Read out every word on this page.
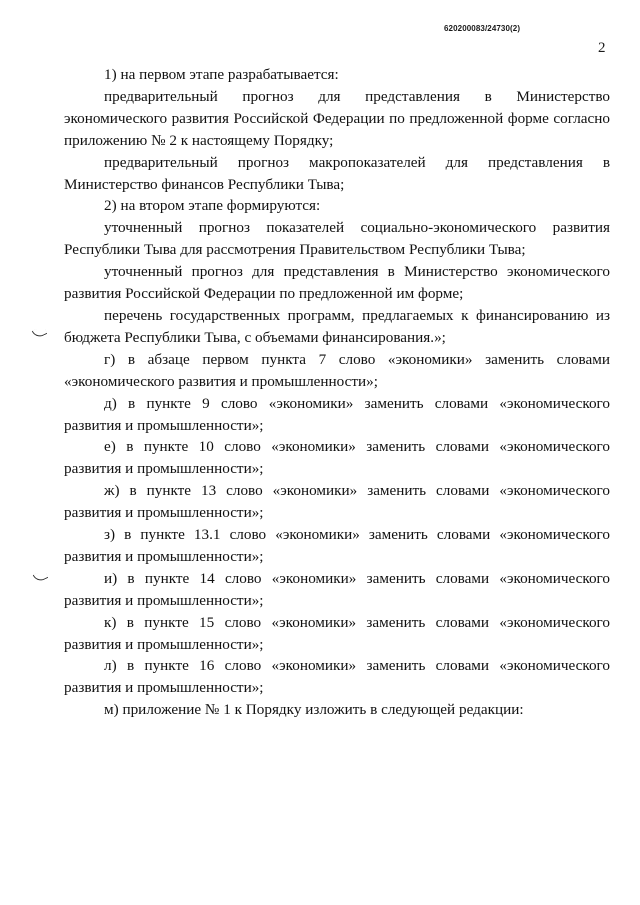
620200083/24730(2)
2

1) на первом этапе разрабатывается:

предварительный прогноз для представления в Министерство экономического развития Российской Федерации по предложенной форме согласно приложению № 2 к настоящему Порядку;

предварительный прогноз макропоказателей для представления в Министерство финансов Республики Тыва;

2) на втором этапе формируются:

уточненный прогноз показателей социально-экономического развития Республики Тыва для рассмотрения Правительством Республики Тыва;

уточненный прогноз для представления в Министерство экономического развития Российской Федерации по предложенной им форме;

перечень государственных программ, предлагаемых к финансированию из бюджета Республики Тыва, с объемами финансирования.»;

г) в абзаце первом пункта 7 слово «экономики» заменить словами «экономического развития и промышленности»;

д) в пункте 9 слово «экономики» заменить словами «экономического развития и промышленности»;

е) в пункте 10 слово «экономики» заменить словами «экономического развития и промышленности»;

ж) в пункте 13 слово «экономики» заменить словами «экономического развития и промышленности»;

з) в пункте 13.1 слово «экономики» заменить словами «экономического развития и промышленности»;

и) в пункте 14 слово «экономики» заменить словами «экономического развития и промышленности»;

к) в пункте 15 слово «экономики» заменить словами «экономического развития и промышленности»;

л) в пункте 16 слово «экономики» заменить словами «экономического развития и промышленности»;

м) приложение № 1 к Порядку изложить в следующей редакции:
